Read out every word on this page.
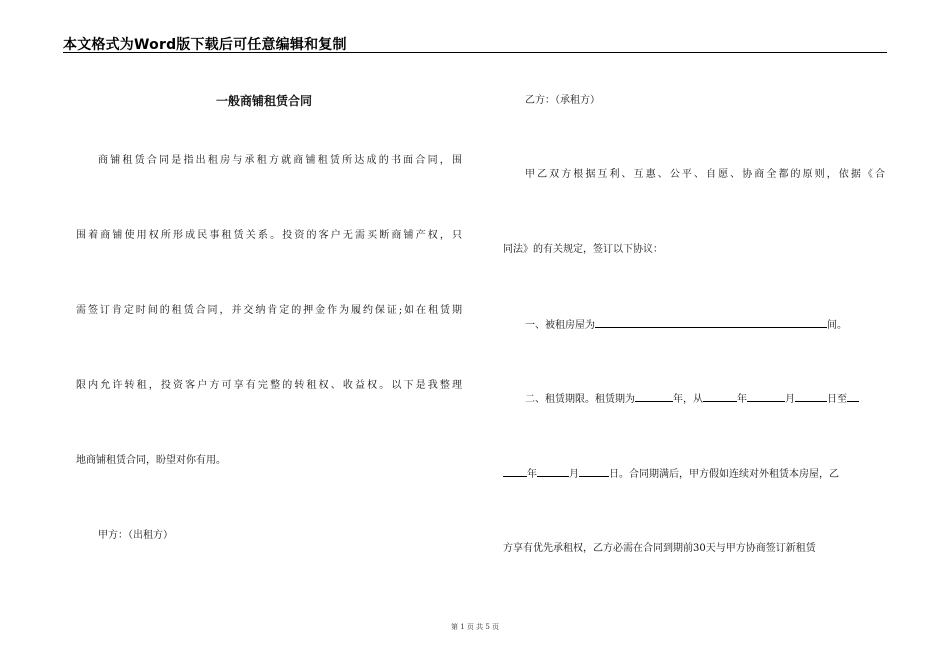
本文格式为Word版下载后可任意编辑和复制
一般商铺租赁合同
商铺租赁合同是指出租房与承租方就商铺租赁所达成的书面合同，围
围着商铺使用权所形成民事租赁关系。投资的客户无需买断商铺产权，只
需签订肯定时间的租赁合同，并交纳肯定的押金作为履约保证;如在租赁期
限内允许转租，投资客户方可享有完整的转租权、收益权。以下是我整理
地商铺租赁合同，盼望对你有用。
甲方：（出租方）
乙方：（承租方）
甲乙双方根据互利、互惠、公平、自愿、协商全都的原则，依据《合
同法》的有关规定，签订以下协议：
一、被租房屋为	间。
二、租赁期限。租赁期为	年，从	年	月	日至
年	月	日。合同期满后，甲方假如连续对外租赁本房屋，乙
方享有优先承租权，乙方必需在合同到期前30天与甲方协商签订新租赁
第 1 页 共 5 页
